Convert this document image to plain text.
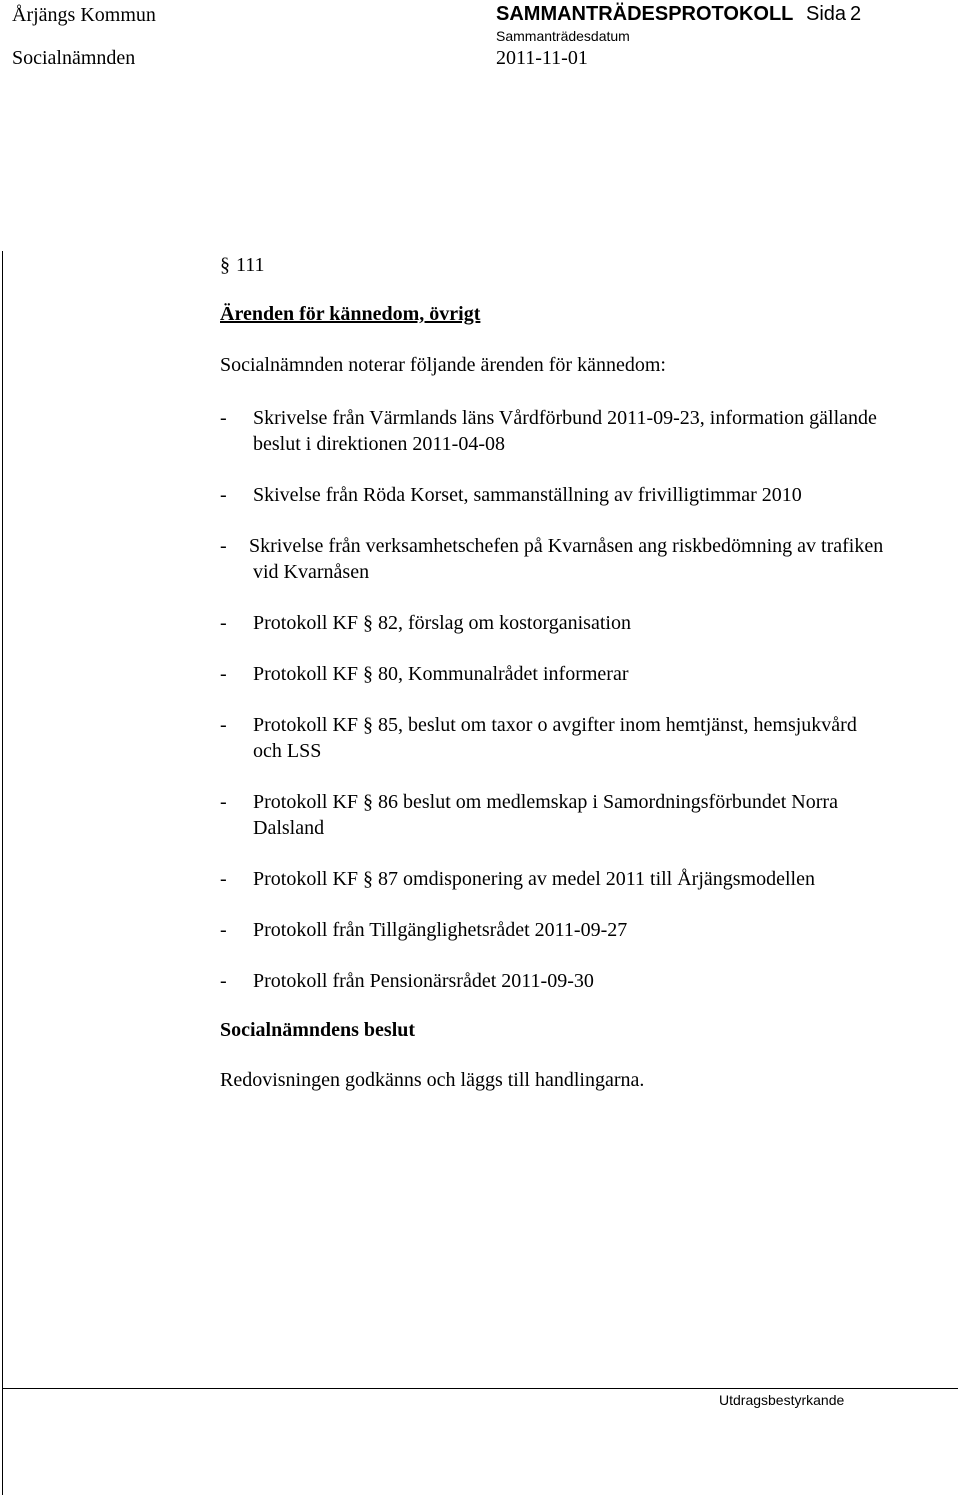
Årjängs Kommun	SAMMANTRÄDESPROTOKOLL Sida 2
Socialnämnden
Sammanträdesdatum
2011-11-01
§ 111
Ärenden för kännedom, övrigt
Socialnämnden noterar följande ärenden för kännedom:
- Skrivelse från Värmlands läns Vårdförbund 2011-09-23, information gällande
beslut i direktionen 2011-04-08
- Skivelse från Röda Korset, sammanställning av frivilligtimmar 2010
- Skrivelse från verksamhetschefen på Kvarnåsen ang riskbedömning av trafiken
vid Kvarnåsen
- Protokoll KF § 82, förslag om kostorganisation
- Protokoll KF § 80, Kommunalrådet informerar
- Protokoll KF § 85, beslut om taxor o avgifter inom hemtjänst, hemsjukvård
och LSS
- Protokoll KF § 86 beslut om medlemskap i Samordningsförbundet Norra
Dalsland
- Protokoll KF § 87 omdisponering av medel 2011 till Årjängsmodellen
- Protokoll från Tillgänglighetsrådet 2011-09-27
- Protokoll från Pensionärsrådet 2011-09-30
Socialnämndens beslut
Redovisningen godkänns och läggs till handlingarna.
Utdragsbestyrkande
